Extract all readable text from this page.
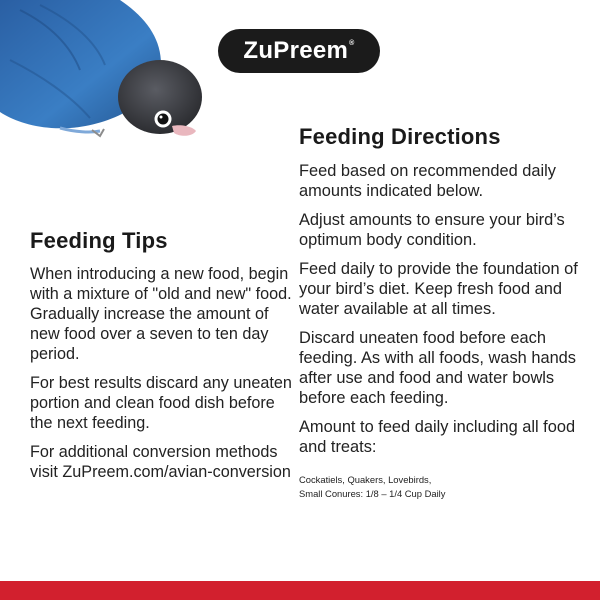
ZuPreem ®
Feeding Tips

When introducing a new food, begin with a mixture of "old and new" food. Gradually increase the amount of new food over a seven to ten day period.

For best results discard any uneaten portion and clean food dish before the next feeding.

For additional conversion methods visit ZuPreem.com/avian-conversion

Feeding Directions

Feed based on recommended daily amounts indicated below.

Adjust amounts to ensure your bird’s optimum body condition.

Feed daily to provide the foundation of your bird’s diet. Keep fresh food and water available at all times.

Discard uneaten food before each feeding. As with all foods, wash hands after use and food and water bowls before each feeding.

Amount to feed daily including all food and treats:

Cockatiels, Quakers, Lovebirds,
Small Conures: 1/8 – 1/4 Cup Daily
